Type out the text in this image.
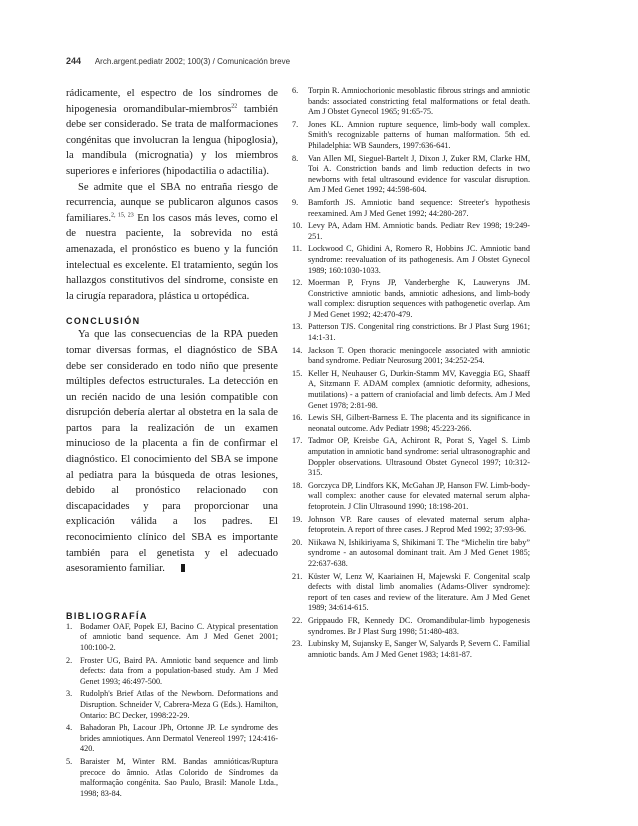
244 Arch.argent.pediatr 2002; 100(3) / Comunicación breve

rádicamente, el espectro de los síndromes de hipogenesia oromandibular-miembros$^{22}$ también debe ser considerado. Se trata de malformaciones congénitas que involucran la lengua (hipoglosia), la mandíbula (micrognatia) y los miembros superiores e inferiores (hipodactilia o adactilia).

Se admite que el SBA no entraña riesgo de recurrencia, aunque se publicaron algunos casos familiares.$^{2, 15, 23}$ En los casos más leves, como el de nuestra paciente, la sobrevida no está amenazada, el pronóstico es bueno y la función intelectual es excelente. El tratamiento, según los hallazgos constitutivos del síndrome, consiste en la cirugía reparadora, plástica u ortopédica.

CONCLUSIÓN

Ya que las consecuencias de la RPA pueden tomar diversas formas, el diagnóstico de SBA debe ser considerado en todo niño que presente múltiples defectos estructurales. La detección en un recién nacido de una lesión compatible con disrupción debería alertar al obstetra en la sala de partos para la realización de un examen minucioso de la placenta a fin de confirmar el diagnóstico. El conocimiento del SBA se impone al pediatra para la búsqueda de otras lesiones, debido al pronóstico relacionado con discapacidades y para proporcionar una explicación válida a los padres. El reconocimiento clínico del SBA es importante también para el genetista y el adecuado asesoramiento familiar.

BIBLIOGRAFÍA
1. Bodamer OAF, Popek EJ, Bacino C. Atypical presentation of amniotic band sequence. Am J Med Genet 2001; 100:100-2.
2. Froster UG, Baird PA. Amniotic band sequence and limb defects: data from a population-based study. Am J Med Genet 1993; 46:497-500.
3. Rudolph's Brief Atlas of the Newborn. Deformations and Disruption. Schneider V, Cabrera-Meza G (Eds.). Hamilton, Ontario: BC Decker, 1998:22-29.
4. Bahadoran Ph, Lacour JPh, Ortonne JP. Le syndrome des brides amniotiques. Ann Dermatol Venereol 1997; 124:416-420.
5. Baraister M, Winter RM. Bandas amnióticas/Ruptura precoce do âmnio. Atlas Colorido de Síndromes da malformação congénita. Sao Paulo, Brasil: Manole Ltda., 1998; 83-84.
6. Torpin R. Amniochorionic mesoblastic fibrous strings and amniotic bands: associated constricting fetal malformations or fetal death. Am J Obstet Gynecol 1965; 91:65-75.
7. Jones KL. Amnion rupture sequence, limb-body wall complex. Smith's recognizable patterns of human malformation. 5th ed. Philadelphia: WB Saunders, 1997:636-641.
8. Van Allen MI, Sieguel-Bartelt J, Dixon J, Zuker RM, Clarke HM, Toi A. Constriction bands and limb reduction defects in two newborns with fetal ultrasound evidence for vascular disruption. Am J Med Genet 1992; 44:598-604.
9. Bamforth JS. Amniotic band sequence: Streeter's hypothesis reexamined. Am J Med Genet 1992; 44:280-287.
10. Levy PA, Adam HM. Amniotic bands. Pediatr Rev 1998; 19:249-251.
11. Lockwood C, Ghidini A, Romero R, Hobbins JC. Amniotic band syndrome: reevaluation of its pathogenesis. Am J Obstet Gynecol 1989; 160:1030-1033.
12. Moerman P, Fryns JP, Vanderberghe K, Lauweryns JM. Constrictive amniotic bands, amniotic adhesions, and limb-body wall complex: disruption sequences with pathogenetic overlap. Am J Med Genet 1992; 42:470-479.
13. Patterson TJS. Congenital ring constrictions. Br J Plast Surg 1961; 14:1-31.
14. Jackson T. Open thoracic meningocele associated with amniotic band syndrome. Pediatr Neurosurg 2001; 34:252-254.
15. Keller H, Neuhauser G, Durkin-Stamm MV, Kaveggia EG, Shaaff A, Sitzmann F. ADAM complex (amniotic deformity, adhesions, mutilations) - a pattern of craniofacial and limb defects. Am J Med Genet 1978; 2:81-98.
16. Lewis SH, Gilbert-Barness E. The placenta and its significance in neonatal outcome. Adv Pediatr 1998; 45:223-266.
17. Tadmor OP, Kreisbe GA, Achiront R, Porat S, Yagel S. Limb amputation in amniotic band syndrome: serial ultrasonographic and Doppler observations. Ultrasound Obstet Gynecol 1997; 10:312-315.
18. Gorczyca DP, Lindfors KK, McGahan JP, Hanson FW. Limb-body-wall complex: another cause for elevated maternal serum alpha-fetoprotein. J Clin Ultrasound 1990; 18:198-201.
19. Johnson VP. Rare causes of elevated maternal serum alpha-fetoprotein. A report of three cases. J Reprod Med 1992; 37:93-96.
20. Niikawa N, Ishikiriyama S, Shikimani T. The “Michelin tire baby” syndrome - an autosomal dominant trait. Am J Med Genet 1985; 22:637-638.
21. Küster W, Lenz W, Kaariainen H, Majewski F. Congenital scalp defects with distal limb anomalies (Adams-Oliver syndrome): report of ten cases and review of the literature. Am J Med Genet 1989; 34:614-615.
22. Grippaudo FR, Kennedy DC. Oromandibular-limb hypogenesis syndromes. Br J Plast Surg 1998; 51:480-483.
23. Lubinsky M, Sujansky E, Sanger W, Salyards P, Severn C. Familial amniotic bands. Am J Med Genet 1983; 14:81-87.
